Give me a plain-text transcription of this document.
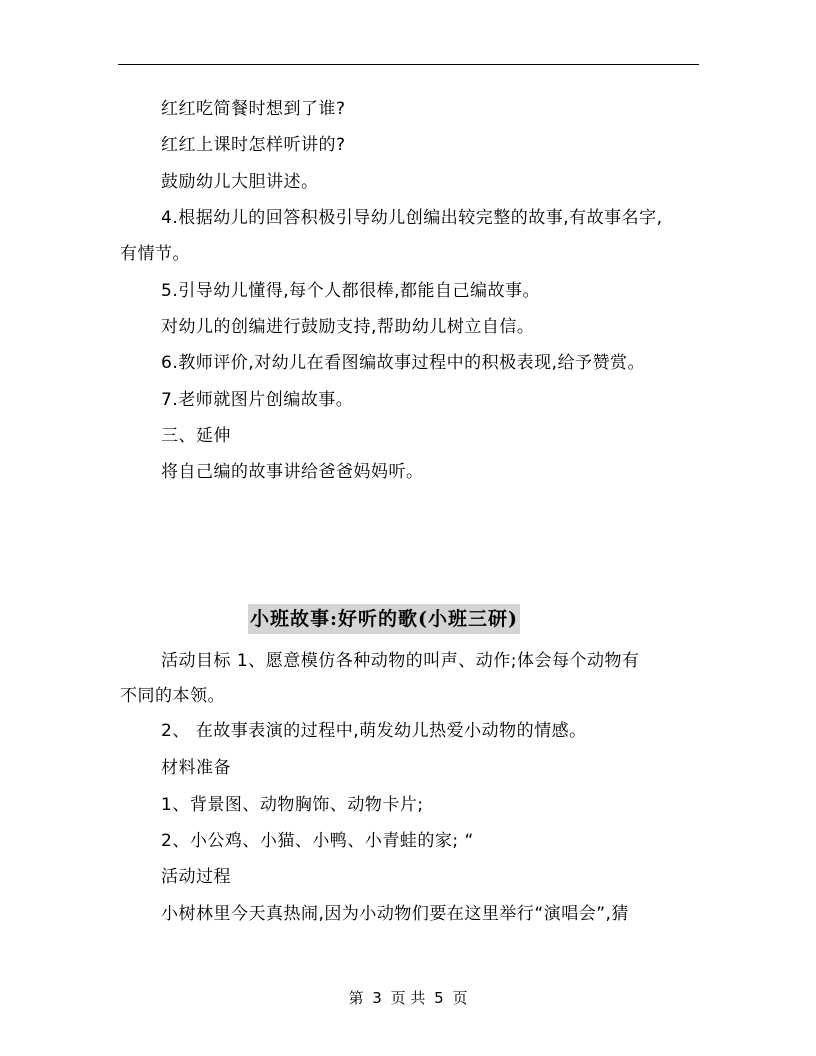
红红吃简餐时想到了谁?
红红上课时怎样听讲的?
鼓励幼儿大胆讲述。
4.根据幼儿的回答积极引导幼儿创编出较完整的故事,有故事名字,
有情节。
5.引导幼儿懂得,每个人都很棒,都能自己编故事。
对幼儿的创编进行鼓励支持,帮助幼儿树立自信。
6.教师评价,对幼儿在看图编故事过程中的积极表现,给予赞赏。
7.老师就图片创编故事。
三、延伸
将自己编的故事讲给爸爸妈妈听。
小班故事:好听的歌(小班三研)
活动目标 1、愿意模仿各种动物的叫声、动作;体会每个动物有
不同的本领。
2、 在故事表演的过程中,萌发幼儿热爱小动物的情感。
材料准备
1、背景图、动物胸饰、动物卡片;
2、小公鸡、小猫、小鸭、小青蛙的家; “
活动过程
小树林里今天真热闹,因为小动物们要在这里举行“演唱会”,猜
第 3 页 共 5 页
